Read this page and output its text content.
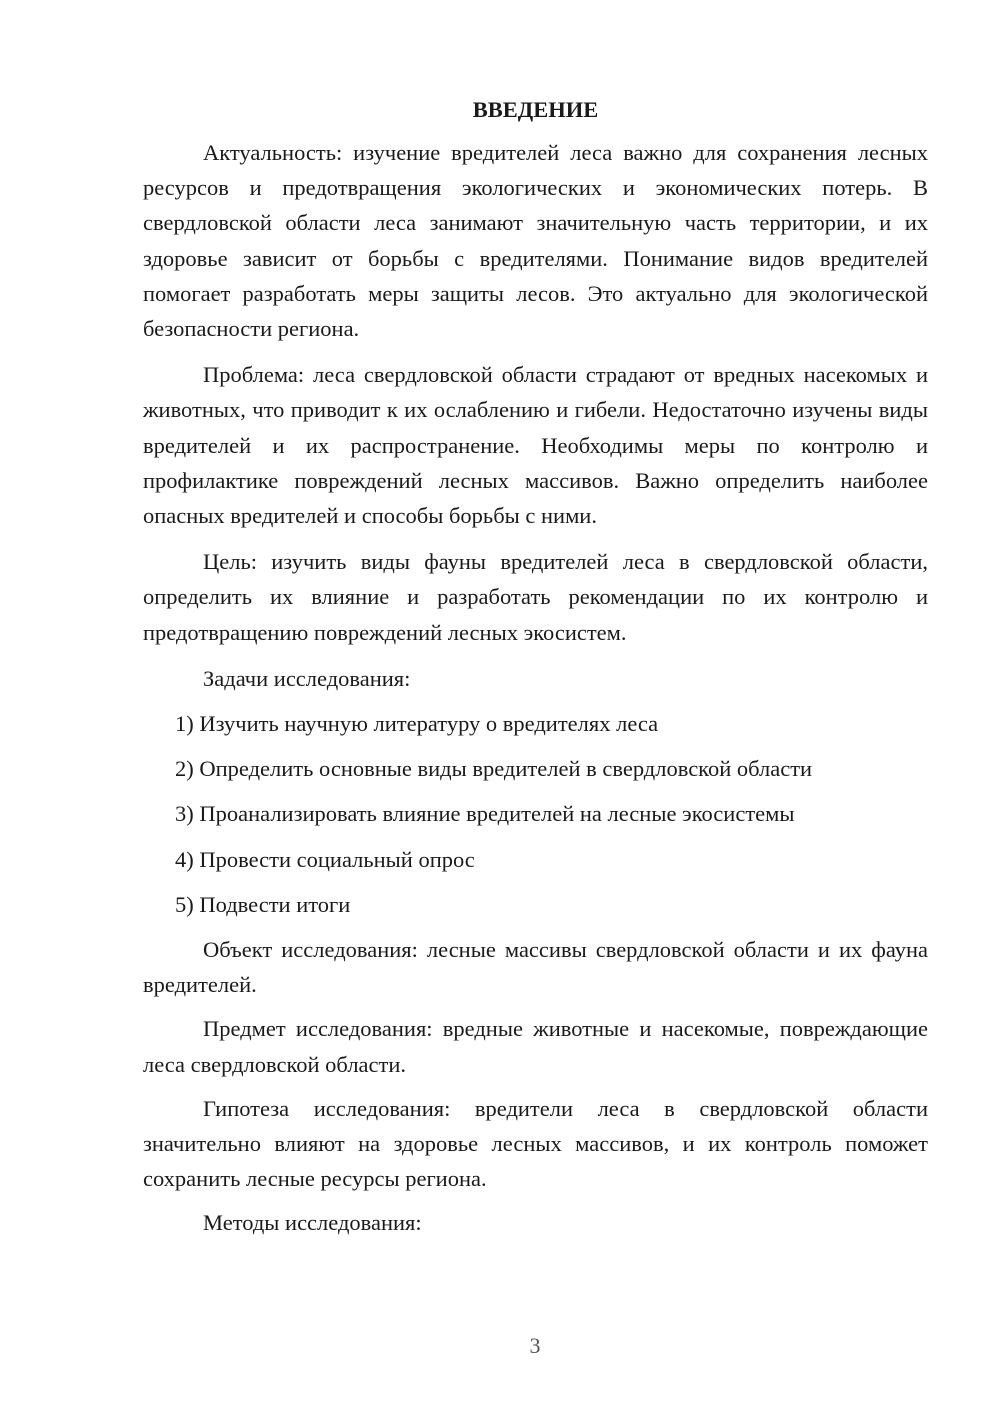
ВВЕДЕНИЕ

Актуальность: изучение вредителей леса важно для сохранения лесных ресурсов и предотвращения экологических и экономических потерь. В свердловской области леса занимают значительную часть территории, и их здоровье зависит от борьбы с вредителями. Понимание видов вредителей помогает разработать меры защиты лесов. Это актуально для экологической безопасности региона.

Проблема: леса свердловской области страдают от вредных насекомых и животных, что приводит к их ослаблению и гибели. Недостаточно изучены виды вредителей и их распространение. Необходимы меры по контролю и профилактике повреждений лесных массивов. Важно определить наиболее опасных вредителей и способы борьбы с ними.

Цель: изучить виды фауны вредителей леса в свердловской области, определить их влияние и разработать рекомендации по их контролю и предотвращению повреждений лесных экосистем.

Задачи исследования:

1) Изучить научную литературу о вредителях леса
2) Определить основные виды вредителей в свердловской области
3) Проанализировать влияние вредителей на лесные экосистемы
4) Провести социальный опрос
5) Подвести итоги

Объект исследования: лесные массивы свердловской области и их фауна вредителей.

Предмет исследования: вредные животные и насекомые, повреждающие леса свердловской области.

Гипотеза исследования: вредители леса в свердловской области значительно влияют на здоровье лесных массивов, и их контроль поможет сохранить лесные ресурсы региона.

Методы исследования:

3
